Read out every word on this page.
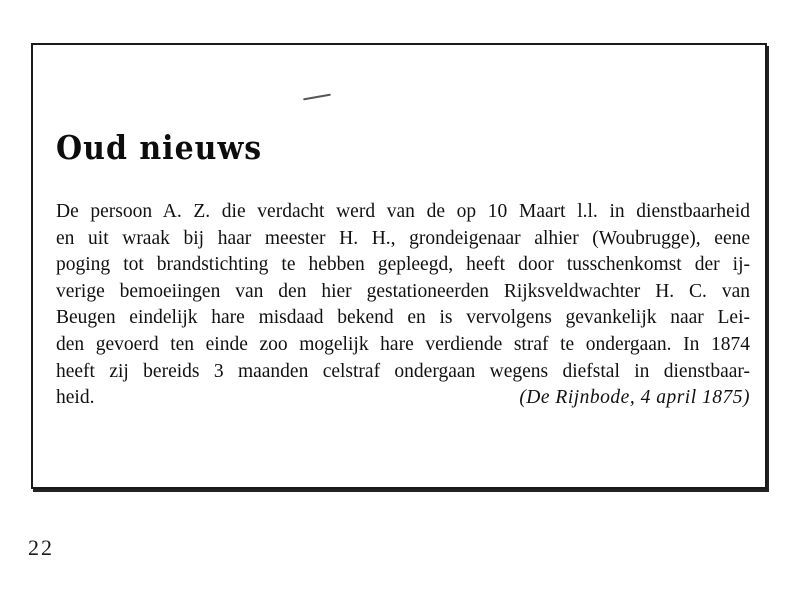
Oud nieuws
De persoon A. Z. die verdacht werd van de op 10 Maart l.l. in dienstbaarheid
en uit wraak bij haar meester H. H., grondeigenaar alhier (Woubrugge), eene
poging tot brandstichting te hebben gepleegd, heeft door tusschenkomst der ij-
verige bemoeiingen van den hier gestationeerden Rijksveldwachter H. C. van
Beugen eindelijk hare misdaad bekend en is vervolgens gevankelijk naar Lei-
den gevoerd ten einde zoo mogelijk hare verdiende straf te ondergaan. In 1874
heeft zij bereids 3 maanden celstraf ondergaan wegens diefstal in dienstbaar-
heid.	(De Rijnbode, 4 april 1875)
22
